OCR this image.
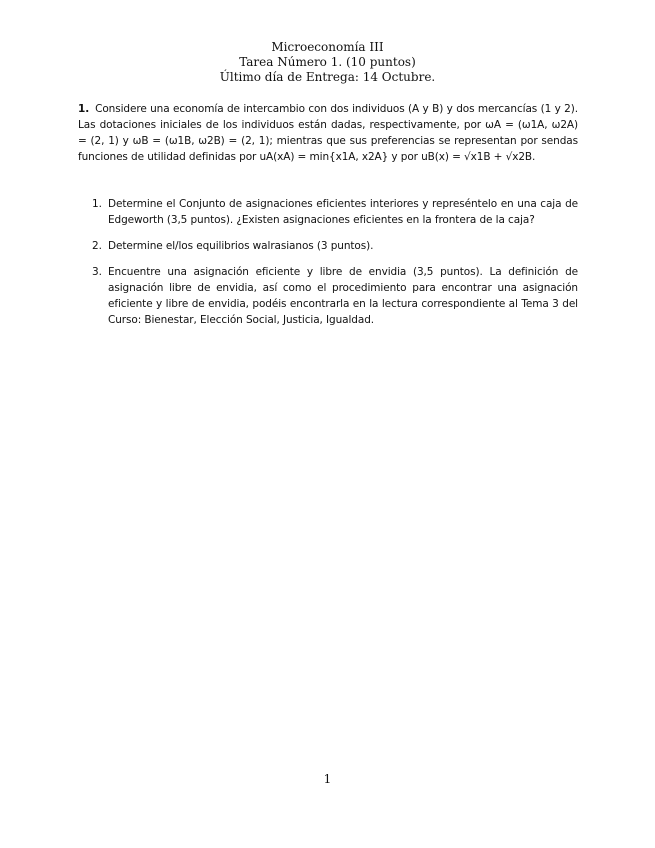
Microeconomía III
Tarea Número 1. (10 puntos)
Último día de Entrega: 14 Octubre.
1. Considere una economía de intercambio con dos individuos (A y B) y dos mercancías (1 y 2). Las dotaciones iniciales de los individuos están dadas, respectivamente, por ωA = (ω1A, ω2A) = (2, 1) y ωB = (ω1B, ω2B) = (2, 1); mientras que sus preferencias se representan por sendas funciones de utilidad definidas por uA(xA) = min{x1A, x2A} y por uB(x) = √x1B + √x2B.
1. Determine el Conjunto de asignaciones eficientes interiores y represéntelo en una caja de Edgeworth (3,5 puntos). ¿Existen asignaciones eficientes en la frontera de la caja?
2. Determine el/los equilibrios walrasianos (3 puntos).
3. Encuentre una asignación eficiente y libre de envidia (3,5 puntos). La definición de asignación libre de envidia, así como el procedimiento para encontrar una asignación eficiente y libre de envidia, podéis encontrarla en la lectura correspondiente al Tema 3 del Curso: Bienestar, Elección Social, Justicia, Igualdad.
1
